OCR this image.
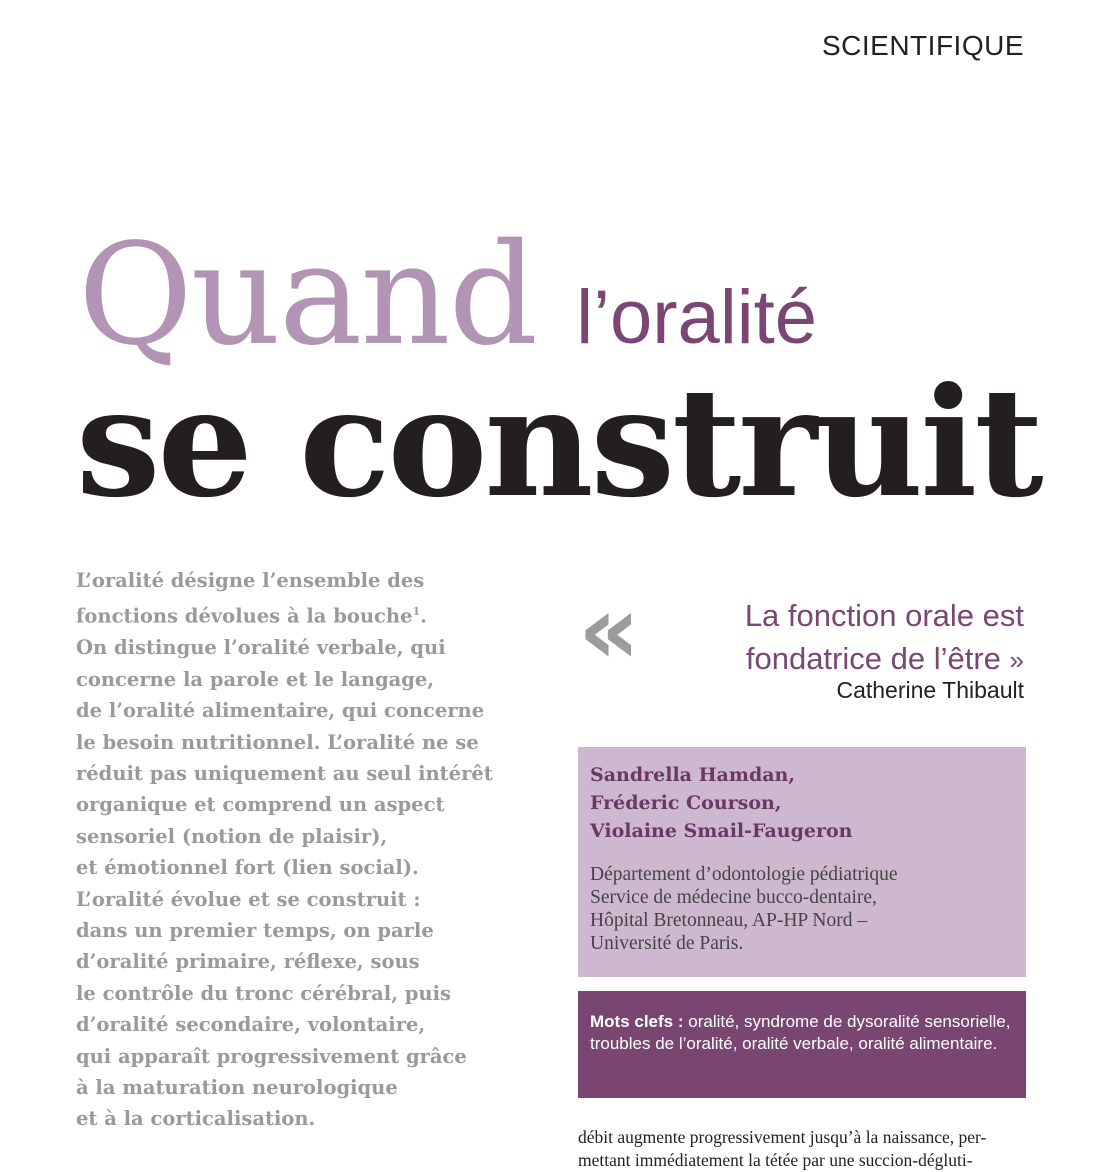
SCIENTIFIQUE
Quand l’oralité
se construit
L’oralité désigne l’ensemble des
fonctions dévolues à la bouche$^1$.
On distingue l’oralité verbale, qui
concerne la parole et le langage,
de l’oralité alimentaire, qui concerne
le besoin nutritionnel. L’oralité ne se
réduit pas uniquement au seul intérêt
organique et comprend un aspect
sensoriel (notion de plaisir),
et émotionnel fort (lien social).
L’oralité évolue et se construit :
dans un premier temps, on parle
d’oralité primaire, réflexe, sous
le contrôle du tronc cérébral, puis
d’oralité secondaire, volontaire,
qui apparaît progressivement grâce
à la maturation neurologique
et à la corticalisation.
«	La fonction orale est
fondatrice de l’être »
Catherine Thibault
Sandrella Hamdan,
Fréderic Courson,
Violaine Smail-Faugeron
Département d’odontologie pédiatrique
Service de médecine bucco-dentaire,
Hôpital Bretonneau, AP-HP Nord –
Université de Paris.
Mots clefs : oralité, syndrome de dysoralité sensorielle, troubles de l’oralité, oralité verbale, oralité alimentaire.
débit augmente progressivement jusqu’à la naissance, per-
mettant immédiatement la tétée par une succion-dégluti-
